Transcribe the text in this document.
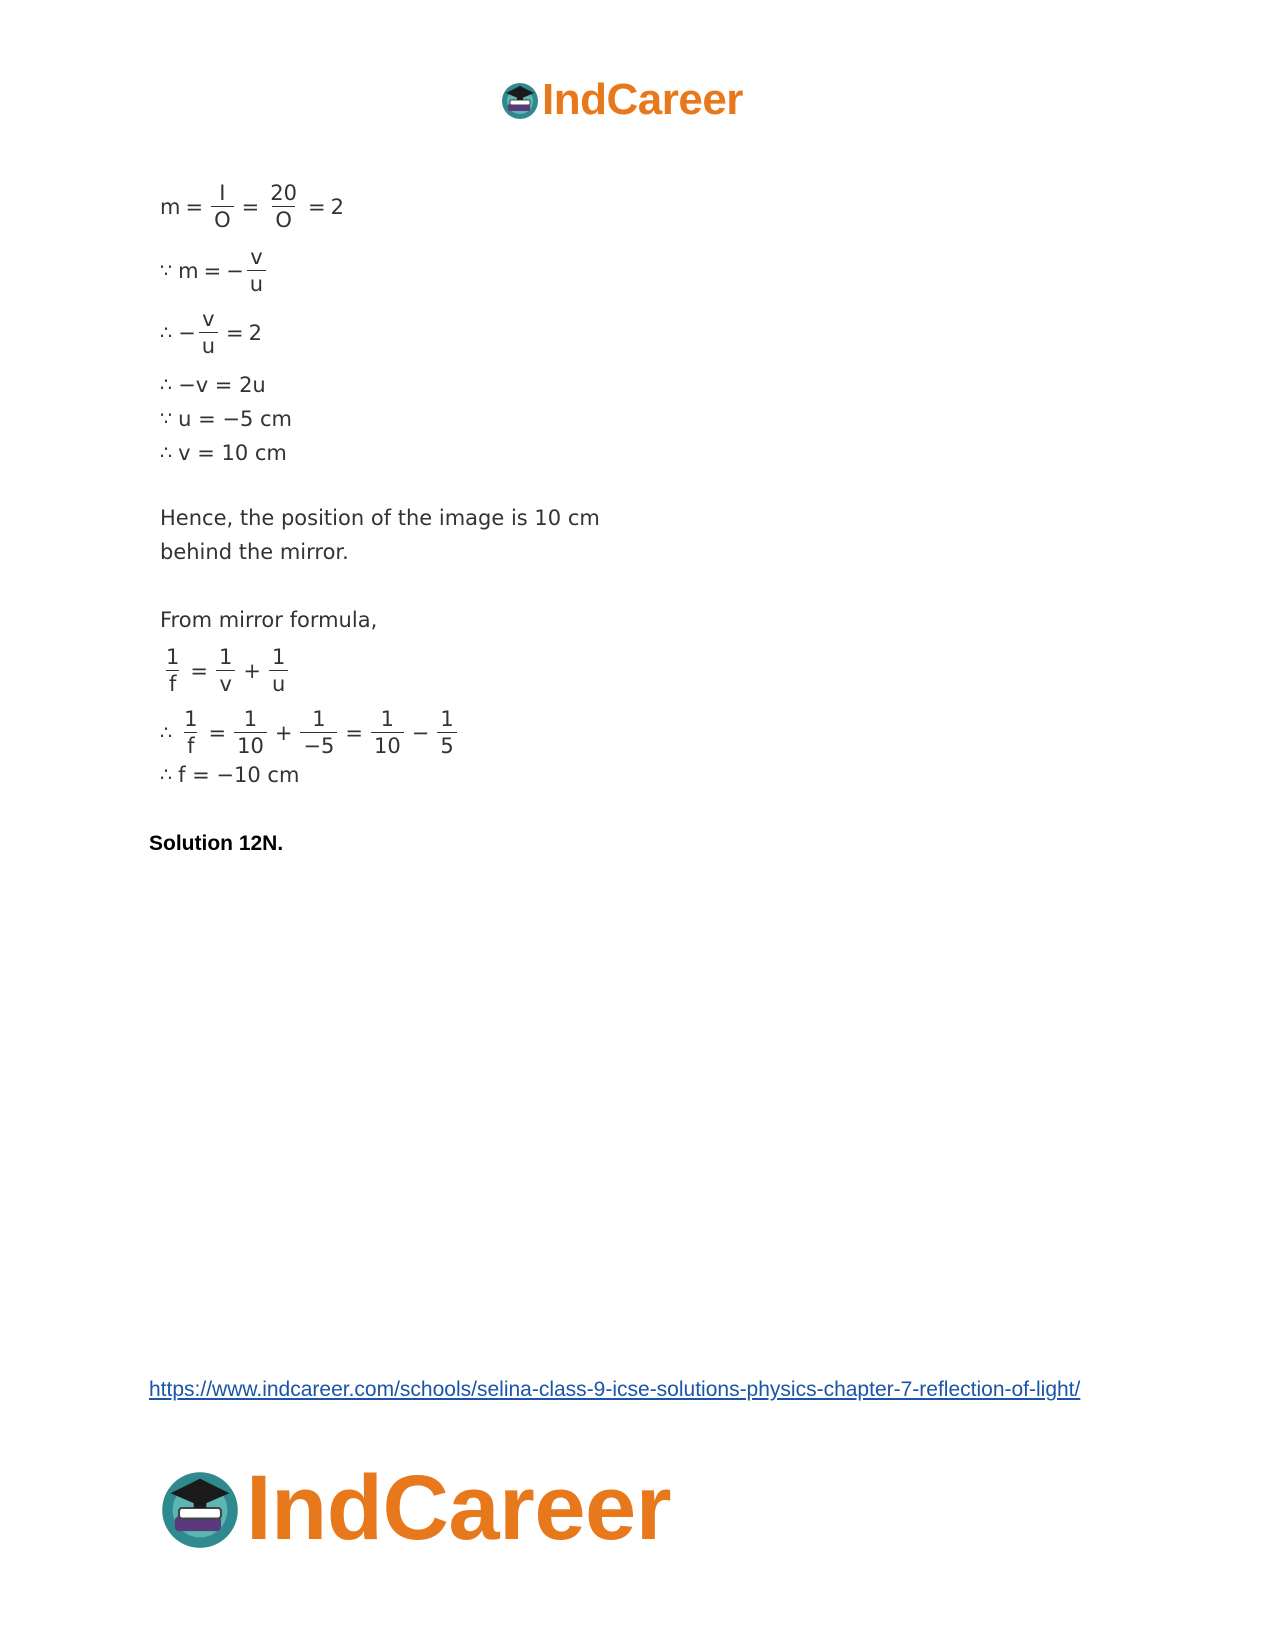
IndCareer
$m = \frac{I}{O} = \frac{20}{O} = 2$
∵ m = − $\frac{v}{u}$
∴ − $\frac{v}{u} = 2$
∴ −v = 2u
∵ u = −5 cm
∴ v = 10 cm
Hence, the position of the image is 10 cm
behind the mirror.
From mirror formula,
$\frac{1}{f} = \frac{1}{v} + \frac{1}{u}$
∴ $\frac{1}{f} = \frac{1}{10} + \frac{1}{-5} = \frac{1}{10} - \frac{1}{5}$
∴ f = −10 cm
Solution 12N.
https://www.indcareer.com/schools/selina-class-9-icse-solutions-physics-chapter-7-reflection-of-light/
IndCareer
